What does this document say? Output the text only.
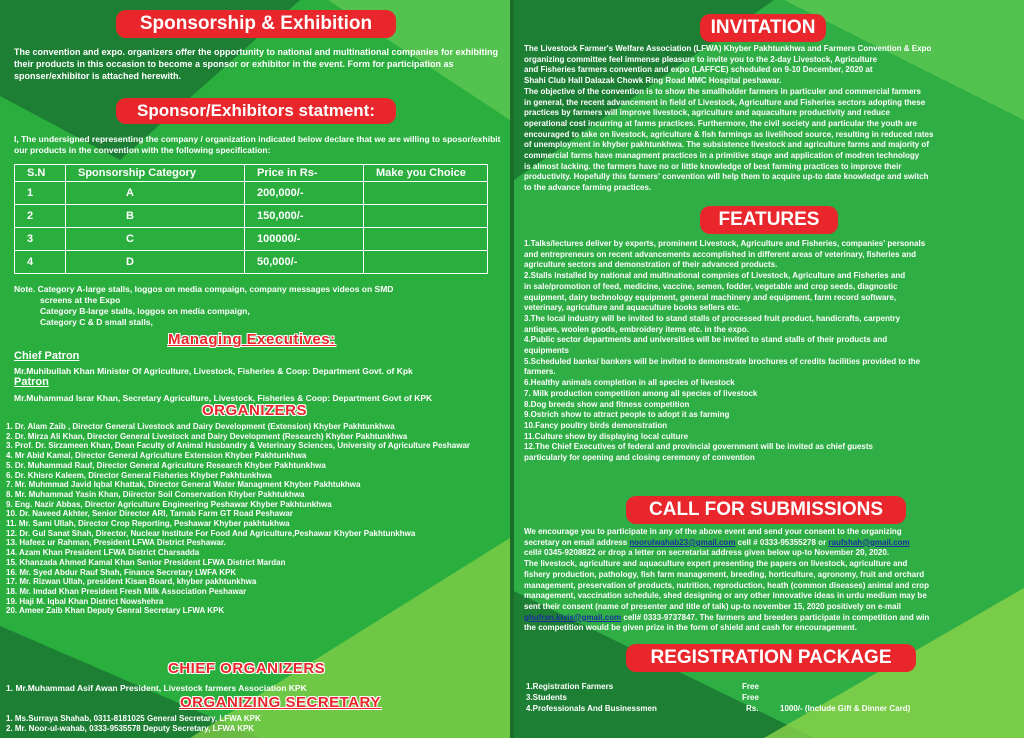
Sponsorship & Exhibition
The convention and expo. organizers offer the opportunity to national and multinational companies for exhibiting their products in this occasion to become a sponsor or exhibitor in the event. Form for participation as sponser/exhibitor is attached herewith.
Sponsor/Exhibitors statment:
I, The undersigned representing the company / organization indicated below declare that we are willing to sposor/exhibit our products in the convention with the following specification:
S.N	Sponsorship Category	Price in Rs-	Make you Choice
1	A	200,000/-	
2	B	150,000/-	
3	C	100000/-	
4	D	50,000/-	

Note. Category A-large stalls, loggos on media compaign, company messages videos on SMD

screens at the Expo

Category B-large stalls, loggos on media compaign,

Category C & D small stalls,

Managing Executives:
Chief Patron
Mr.Muhibullah Khan Minister Of Agriculture, Livestock, Fisheries & Coop: Department Govt. of Kpk
Patron
Mr.Muhammad Israr Khan, Secretary Agriculture, Livestock, Fisheries & Coop: Department Govt of KPK
ORGANIZERS

1. Dr. Alam Zaib , Director General Livestock and Dairy Development (Extension) Khyber Pakhtunkhwa

2. Dr. Mirza Ali Khan, Director General Livestock and Dairy Development (Research) Khyber Pakhtunkhwa

3. Prof. Dr. Sirzameen Khan, Dean Faculty of Animal Husbandry & Veterinary Sciences, University of Agriculture Peshawar

4. Mr Abid Kamal, Director General Agriculture Extension Khyber Pakhtunkhwa

5. Dr. Muhammad Rauf, Director General Agriculture Research Khyber Pakhtunkhwa

6. Dr. Khisro Kaleem, Director General Fisheries Khyber Pakhtunkhwa

7. Mr. Muhmmad Javid Iqbal Khattak, Director General Water Managment Khyber Pakhtukhwa

8. Mr. Muhammad Yasin Khan, Diirector Soil Conservation Khyber Pakhtukhwa

9. Eng. Nazir Abbas, Director Agriculture Engineering Peshawar Khyber Pakhtunkhwa

10. Dr. Naveed Akhter, Senior Director ARI, Tarnab Farm GT Road Peshawar

11. Mr. Sami Ullah, Director Crop Reporting, Peshawar Khyber pakhtukhwa

12. Dr. Gul Sanat Shah, Director, Nuclear Institute For Food And Agriculture,Peshawar Khyber Pakhtunkhwa

13. Hafeez ur Rahman, President LFWA District Peshawar.

14. Azam Khan President LFWA District Charsadda

15. Khanzada Ahmed Kamal Khan Senior President LFWA District Mardan

16. Mr. Syed Abdur Rauf Shah, Finance Secretary LWFA KPK

17. Mr. Rizwan Ullah, president Kisan Board, khyber pakhtunkhwa

18. Mr. Imdad Khan President Fresh Milk Association Peshawar

19. Haji M. Iqbal Khan District Nowshehra

20. Ameer Zaib Khan Deputy Genral Secretary LFWA KPK

CHIEF ORGANIZERS
1. Mr.Muhammad Asif Awan President, Livestock farmers Association KPK
ORGANIZING SECRETARY

1. Ms.Surraya Shahab, 0311-8181025 General Secretary, LFWA KPK

2. Mr. Noor-ul-wahab, 0333-9535578 Deputy Secretary, LFWA KPK

INVITATION

The Livestock Farmer's Welfare Association (LFWA) Khyber Pakhtunkhwa and Farmers Convention & Expo

organizing committee feel immense pleasure to invite you to the 2-day Livestock, Agriculture

and Fisheries farmers convention and expo (LAFFCE) scheduled on 9-10 December, 2020 at

Shahi Club Hall Dalazak Chowk Ring Road MMC Hospital peshawar.

The objective of the convention is to show the smallholder farmers in particuler and commercial farmers

in general, the recent advancement in field of Livestock, Agriculture and Fisheries sectors adopting these

practices by farmers will improve livestock, agriculture and aquaculture productivity and reduce

operational cost incurring at farms practices. Furthermore, the civil society and particular the youth are

encouraged to take on livestock, agriculture & fish farmings as livelihood source, resulting in reduced rates

of unemployment in khyber pakhtunkhwa. The subsistence livestock and agriculture farms and majority of

commercial farms have managment practices in a primitive stage and application of modren technology

is almost lacking. the farmers have no or little knowledge of best farming practices to improve their

productivity. Hopefully this farmers' convention will help them to acquire up-to date knowledge and switch

to the advance farming practices.

FEATURES

1.Talks/lectures deliver by experts, prominent Livestock, Agriculture and Fisheries, companies' personals

and entrepreneurs on recent advancements accomplished in different areas of veterinary, fisheries and

agriculture sectors and demonstration of their advanced products.

2.Stalls installed by national and multinational compnies of Livestock, Agriculture and Fisheries and

in sale/promotion of feed, medicine, vaccine, semen, fodder, vegetable and crop seeds, diagnostic

equipment, dairy technology equipment, general machinery and equipment, farm record software,

veterinary, agriculture and aquaculture books sellers etc.

3.The local industry will be invited to stand stalls of processed fruit product, handicrafts, carpentry

antiques, woolen goods, embroidery items etc. in the expo.

4.Public sector departments and universities will be invited to stand stalls of their products and

equipments

5.Scheduled banks/ bankers will be invited to demonstrate brochures of credits facilities provided to the

farmers.

6.Healthy animals completion in all species of livestock

7. Milk production competition among all species of livestock

8.Dog breeds show and fitness competition

9.Ostrich show to attract people to adopt it as farming

10.Fancy poultry birds demonstration

11.Culture show by displaying local culture

12.The Chief Executives of federal and provincial government will be invited as chief guests

particularly for opening and closing ceremony of convention

CALL FOR SUBMISSIONS

We encourage you to participate in any of the above event and send your consent to the organizing

secretary on email address noorulwahab23@gmail.com cell # 0333-95355278 or raufshah@gmail.com

cell# 0345-9208822 or drop a letter on secretariat address given below up-to November 20, 2020.

The livestock, agriculture and aquaculture expert presenting the papers on livestock, agriculture and

fishery production, pathology, fish farm management, breeding, horticulture, agronomy, fruit and orchard

management, preservation of products, nutrition, reproduction, heath (common diseases) animal and crop

management, vaccination schedule, shed designing or any other innovative ideas in urdu medium may be

sent their consent (name of presenter and title of talk) up-to november 15, 2020 positively on e-mail

ghufran.kivis@gmail.com cell# 0333-9737847. The farmers and breeders participate in competition and win

the competition would be given prize in the form of shield and cash for encouragement.

REGISTRATION PACKAGE
1.Registration Farmers	Free
3.Students	Free
4.Professionals And Businessmen	Rs.	1000/- (Include Gift & Dinner Card)
